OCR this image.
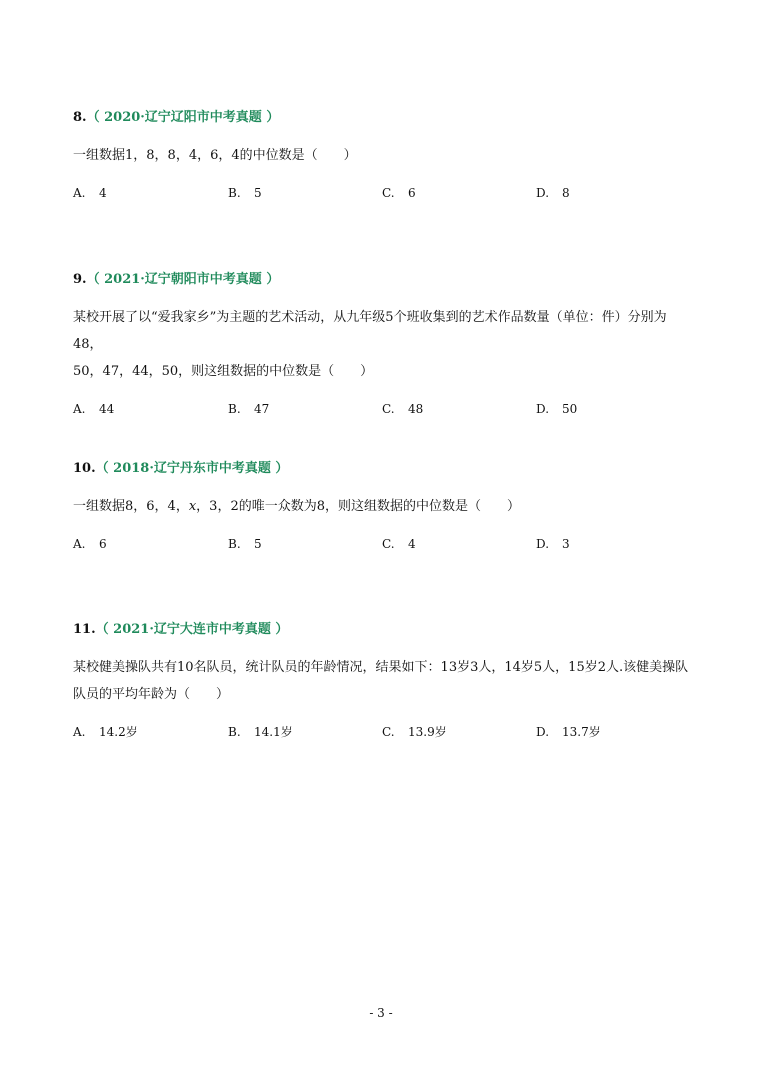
8.（ 2020·辽宁辽阳市中考真题 ）
一组数据1，8，8，4，6，4的中位数是（　　）
A. 4	B. 5	C. 6	D. 8
9.（ 2021·辽宁朝阳市中考真题 ）
某校开展了以“爱我家乡”为主题的艺术活动，从九年级5个班收集到的艺术作品数量（单位：件）分别为48，
50，47，44，50，则这组数据的中位数是（　　）
A. 44	B. 47	C. 48	D. 50
10.（ 2018·辽宁丹东市中考真题 ）
一组数据8，6，4，x，3，2的唯一众数为8，则这组数据的中位数是（　　）
A. 6	B. 5	C. 4	D. 3
11.（ 2021·辽宁大连市中考真题 ）
某校健美操队共有10名队员，统计队员的年龄情况，结果如下：13岁3人，14岁5人，15岁2人.该健美操队
队员的平均年龄为（　　）
A. 14.2岁	B. 14.1岁	C. 13.9岁	D. 13.7岁
- 3 -
